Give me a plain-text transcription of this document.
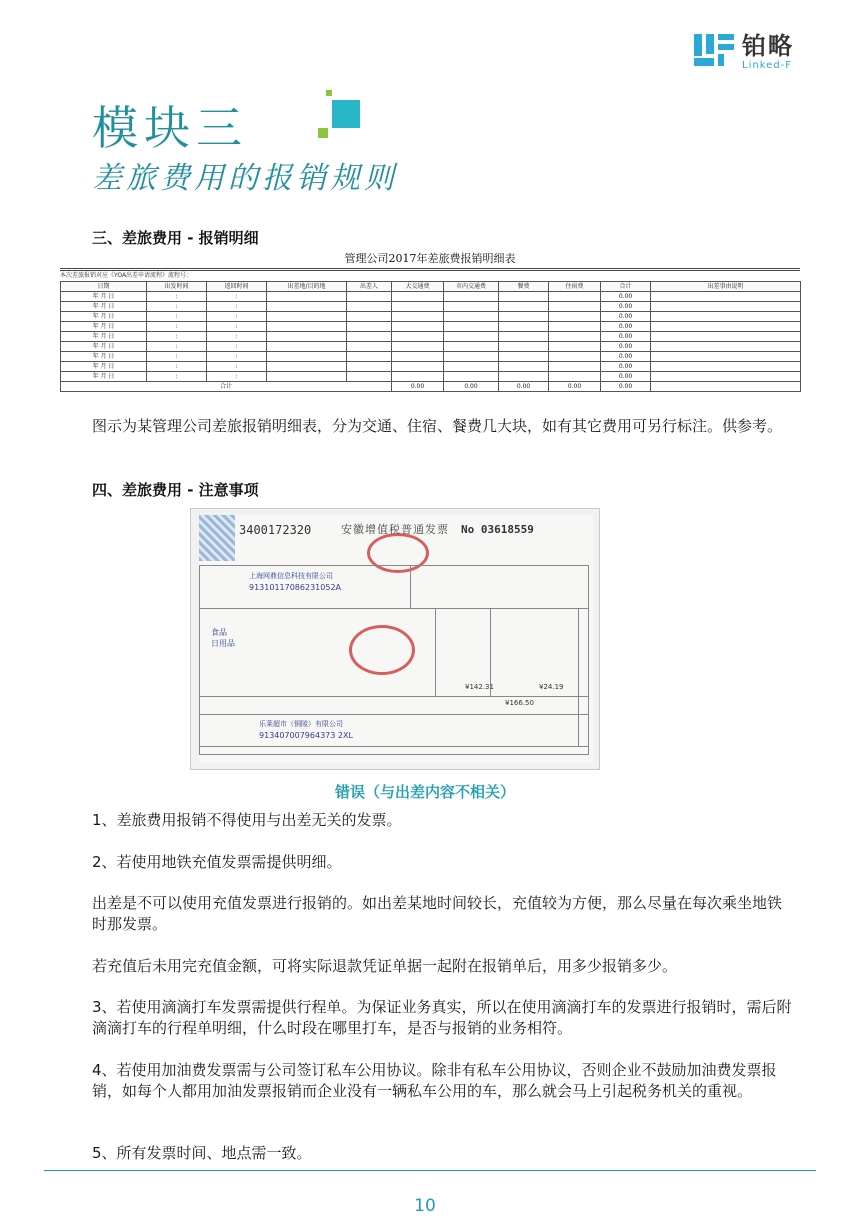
铂略
Linked-F
模块三
差旅费用的报销规则
三、差旅费用 - 报销明细
管理公司2017年差旅费报销明细表
本次差旅报销对应《YOA出差申请流程》流程号：
日期	出发时间	返回时间	出差地/目的地	出差人	大交通费	市内交通费	餐费	住宿费	合计	出差事由说明
年 月 日	:	:							0.00	
年 月 日	:	:							0.00	
年 月 日	:	:							0.00	
年 月 日	:	:							0.00	
年 月 日	:	:							0.00	
年 月 日	:	:							0.00	
年 月 日	:	:							0.00	
年 月 日	:	:							0.00	
年 月 日	:	:							0.00	
合计					0.00	0.00	0.00	0.00	0.00	
图示为某管理公司差旅报销明细表，分为交通、住宿、餐费几大块，如有其它费用可另行标注。供参考。
四、差旅费用 - 注意事项
3400172320	安徽增值税普通发票 No 03618559
上海网鼎信息科技有限公司
91310117086231052A
食品 日用品
¥142.31	¥24.19
¥166.50
乐莱超市（铜陵）有限公司
913407007964373 2XL
错误（与出差内容不相关）
1、差旅费用报销不得使用与出差无关的发票。
2、若使用地铁充值发票需提供明细。
出差是不可以使用充值发票进行报销的。如出差某地时间较长，充值较为方便，那么尽量在每次乘坐地铁时那发票。
若充值后未用完充值金额，可将实际退款凭证单据一起附在报销单后，用多少报销多少。
3、若使用滴滴打车发票需提供行程单。为保证业务真实，所以在使用滴滴打车的发票进行报销时，需后附滴滴打车的行程单明细，什么时段在哪里打车，是否与报销的业务相符。
4、若使用加油费发票需与公司签订私车公用协议。除非有私车公用协议，否则企业不鼓励加油费发票报销，如每个人都用加油发票报销而企业没有一辆私车公用的车，那么就会马上引起税务机关的重视。
5、所有发票时间、地点需一致。
10
